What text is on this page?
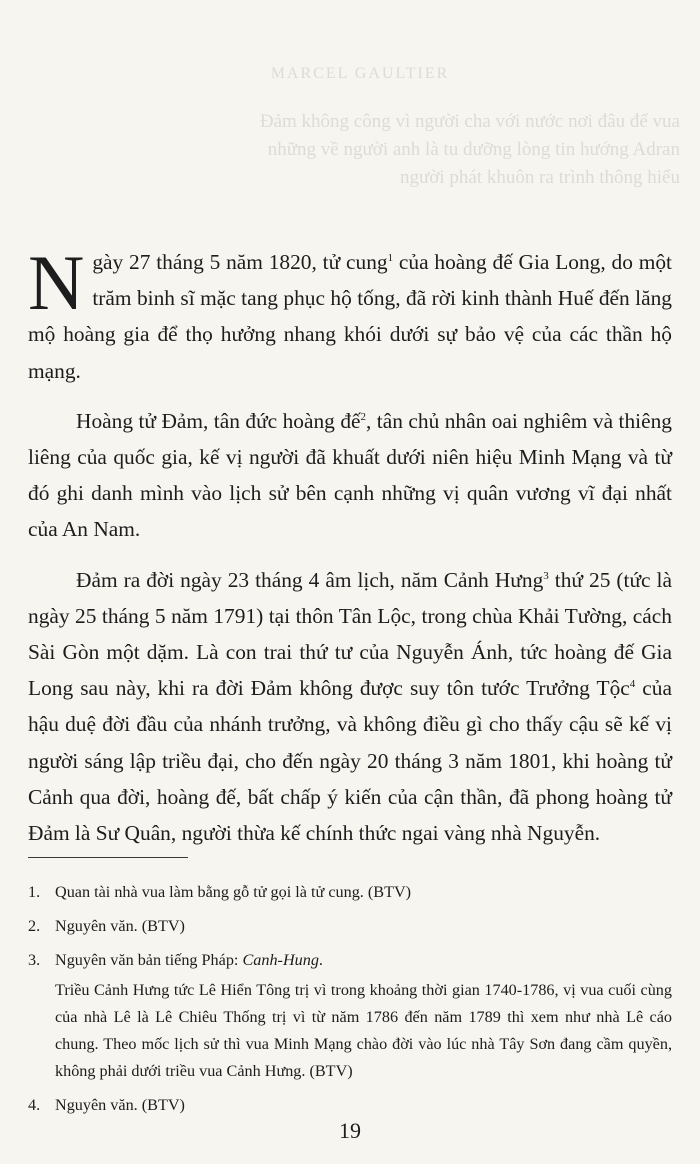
MARCEL GAULTIER

Đảm không công vì người cha với nước nơi đâu để vua

những về người anh là tu dưỡng lòng tin hướng Adran

người phát khuôn ra trình thông hiểu

Ngày 27 tháng 5 năm 1820, tử cung$^1$ của hoàng đế Gia Long, do một trăm binh sĩ mặc tang phục hộ tống, đã rời kinh thành Huế đến lăng mộ hoàng gia để thọ hưởng nhang khói dưới sự bảo vệ của các thần hộ mạng.

Hoàng tử Đảm, tân đức hoàng đế$^2$, tân chủ nhân oai nghiêm và thiêng liêng của quốc gia, kế vị người đã khuất dưới niên hiệu Minh Mạng và từ đó ghi danh mình vào lịch sử bên cạnh những vị quân vương vĩ đại nhất của An Nam.

Đảm ra đời ngày 23 tháng 4 âm lịch, năm Cảnh Hưng$^3$ thứ 25 (tức là ngày 25 tháng 5 năm 1791) tại thôn Tân Lộc, trong chùa Khải Tường, cách Sài Gòn một dặm. Là con trai thứ tư của Nguyễn Ánh, tức hoàng đế Gia Long sau này, khi ra đời Đảm không được suy tôn tước Trưởng Tộc$^4$ của hậu duệ đời đầu của nhánh trưởng, và không điều gì cho thấy cậu sẽ kế vị người sáng lập triều đại, cho đến ngày 20 tháng 3 năm 1801, khi hoàng tử Cảnh qua đời, hoàng đế, bất chấp ý kiến của cận thần, đã phong hoàng tử Đảm là Sư Quân, người thừa kế chính thức ngai vàng nhà Nguyễn.

1. Quan tài nhà vua làm bằng gỗ tử gọi là tử cung. (BTV)

2. Nguyên văn. (BTV)

3. Nguyên văn bản tiếng Pháp: Canh-Hung.

Triều Cảnh Hưng tức Lê Hiển Tông trị vì trong khoảng thời gian 1740-1786, vị vua cuối cùng của nhà Lê là Lê Chiêu Thống trị vì từ năm 1786 đến năm 1789 thì xem như nhà Lê cáo chung. Theo mốc lịch sử thì vua Minh Mạng chào đời vào lúc nhà Tây Sơn đang cầm quyền, không phải dưới triều vua Cảnh Hưng. (BTV)

4. Nguyên văn. (BTV)

19
